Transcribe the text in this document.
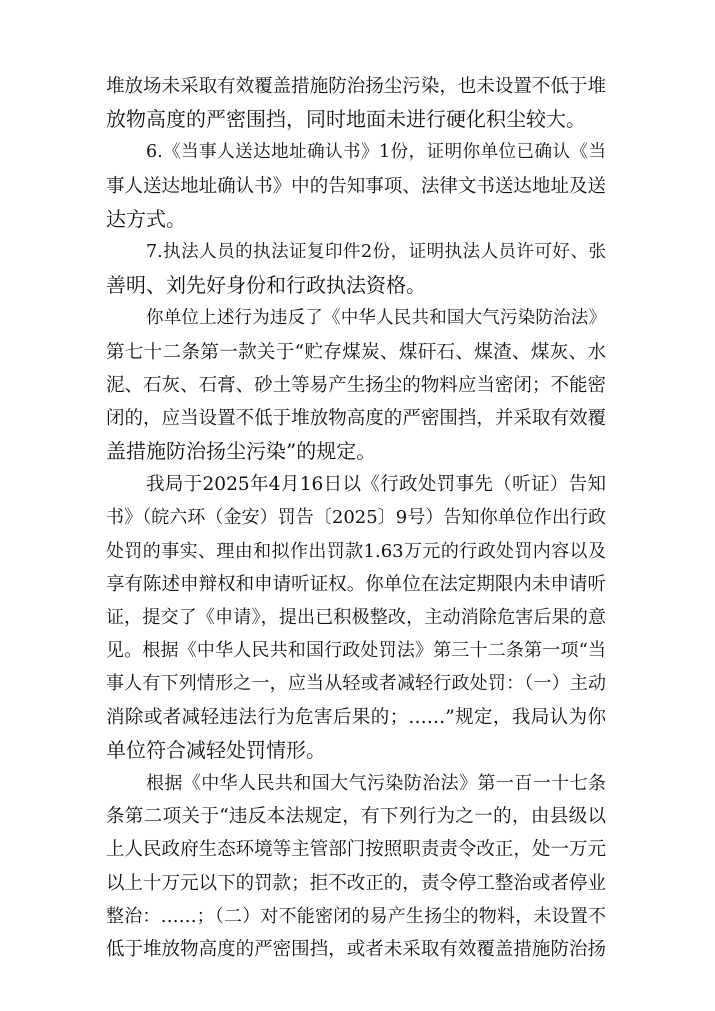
堆放场未采取有效覆盖措施防治扬尘污染，也未设置不低于堆
放物高度的严密围挡，同时地面未进行硬化积尘较大。
6.《当事人送达地址确认书》1份，证明你单位已确认《当
事人送达地址确认书》中的告知事项、法律文书送达地址及送
达方式。
7.执法人员的执法证复印件2份，证明执法人员许可好、张
善明、刘先好身份和行政执法资格。
你单位上述行为违反了《中华人民共和国大气污染防治法》
第七十二条第一款关于“贮存煤炭、煤矸石、煤渣、煤灰、水
泥、石灰、石膏、砂土等易产生扬尘的物料应当密闭；不能密
闭的，应当设置不低于堆放物高度的严密围挡，并采取有效覆
盖措施防治扬尘污染”的规定。
我局于2025年4月16日以《行政处罚事先（听证）告知
书》（皖六环（金安）罚告〔2025〕9号）告知你单位作出行政
处罚的事实、理由和拟作出罚款1.63万元的行政处罚内容以及
享有陈述申辩权和申请听证权。你单位在法定期限内未申请听
证，提交了《申请》，提出已积极整改，主动消除危害后果的意
见。根据《中华人民共和国行政处罚法》第三十二条第一项“当
事人有下列情形之一，应当从轻或者减轻行政处罚：（一）主动
消除或者减轻违法行为危害后果的；……”规定，我局认为你
单位符合减轻处罚情形。
根据《中华人民共和国大气污染防治法》第一百一十七条
条第二项关于“违反本法规定，有下列行为之一的，由县级以
上人民政府生态环境等主管部门按照职责责令改正，处一万元
以上十万元以下的罚款；拒不改正的，责令停工整治或者停业
整治：……；（二）对不能密闭的易产生扬尘的物料，未设置不
低于堆放物高度的严密围挡，或者未采取有效覆盖措施防治扬
